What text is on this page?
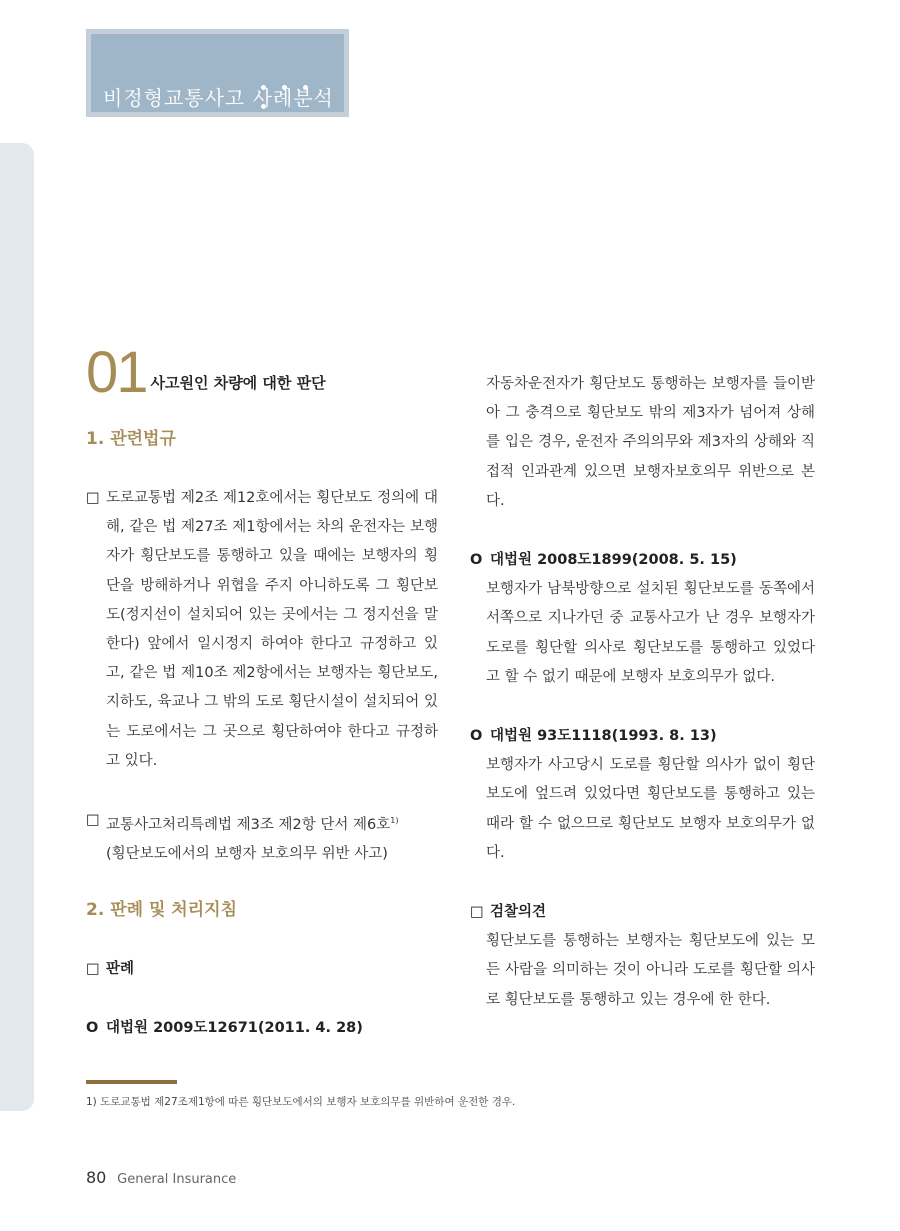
비정형교통사고 사례분석
01 사고원인 차량에 대한 판단
1. 관련법규
□ 도로교통법 제2조 제12호에서는 횡단보도 정의에 대해, 같은 법 제27조 제1항에서는 차의 운전자는 보행자가 횡단보도를 통행하고 있을 때에는 보행자의 횡단을 방해하거나 위협을 주지 아니하도록 그 횡단보도(정지선이 설치되어 있는 곳에서는 그 정지선을 말한다) 앞에서 일시정지 하여야 한다고 규정하고 있고, 같은 법 제10조 제2항에서는 보행자는 횡단보도, 지하도, 육교나 그 밖의 도로 횡단시설이 설치되어 있는 도로에서는 그 곳으로 횡단하여야 한다고 규정하고 있다.
□ 교통사고처리특례법 제3조 제2항 단서 제6호$^{1)}$
(횡단보도에서의 보행자 보호의무 위반 사고)
2. 판례 및 처리지침
□ 판례
O 대법원 2009도12671(2011. 4. 28)
자동차운전자가 횡단보도 통행하는 보행자를 들이받아 그 충격으로 횡단보도 밖의 제3자가 넘어져 상해를 입은 경우, 운전자 주의의무와 제3자의 상해와 직접적 인과관계 있으면 보행자보호의무 위반으로 본다.
O 대법원 2008도1899(2008. 5. 15)
보행자가 남북방향으로 설치된 횡단보도를 동쪽에서 서쪽으로 지나가던 중 교통사고가 난 경우 보행자가 도로를 횡단할 의사로 횡단보도를 통행하고 있었다고 할 수 없기 때문에 보행자 보호의무가 없다.
O 대법원 93도1118(1993. 8. 13)
보행자가 사고당시 도로를 횡단할 의사가 없이 횡단보도에 엎드려 있었다면 횡단보도를 통행하고 있는 때라 할 수 없으므로 횡단보도 보행자 보호의무가 없다.
□ 검찰의견
횡단보도를 통행하는 보행자는 횡단보도에 있는 모든 사람을 의미하는 것이 아니라 도로를 횡단할 의사로 횡단보도를 통행하고 있는 경우에 한 한다.
1) 도로교통법 제27조제1항에 따른 횡단보도에서의 보행자 보호의무를 위반하여 운전한 경우.
80 General Insurance
